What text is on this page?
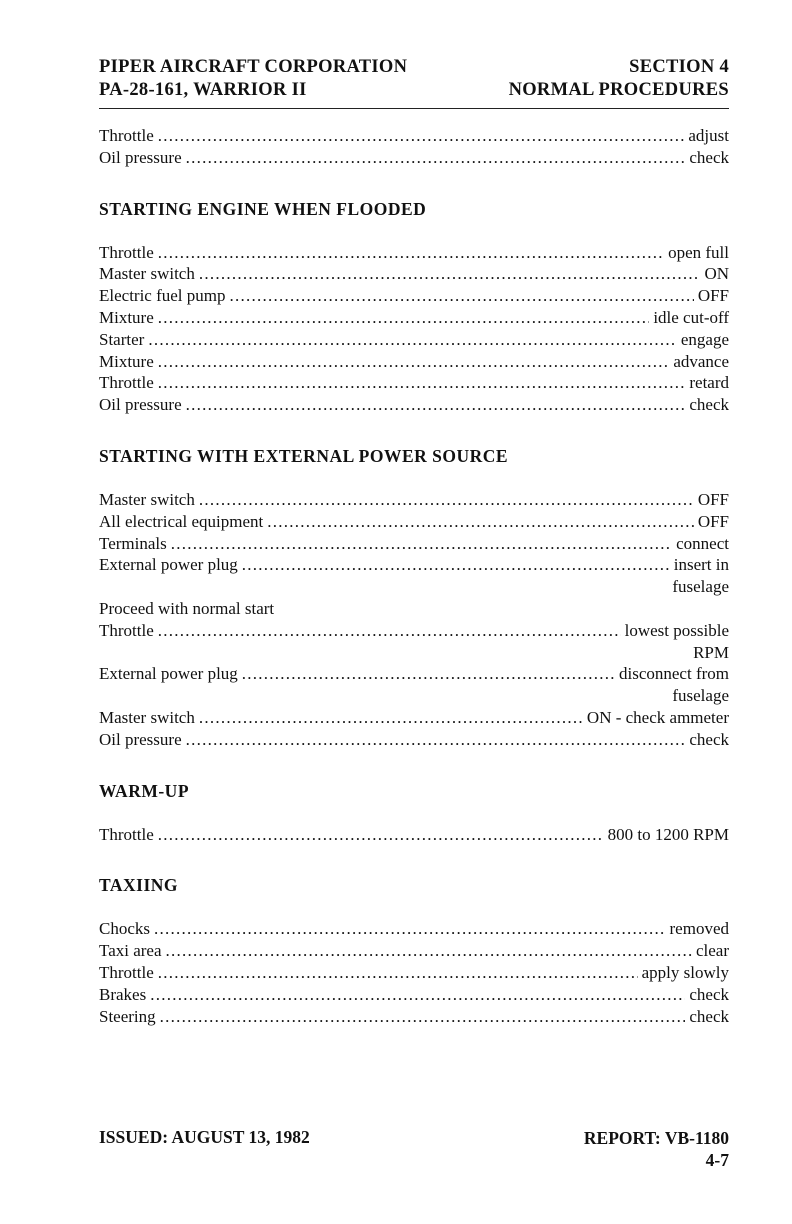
PIPER AIRCRAFT CORPORATION
PA-28-161, WARRIOR II
SECTION 4
NORMAL PROCEDURES
Throttle . . .	adjust
Oil pressure . . .	check
STARTING ENGINE WHEN FLOODED
Throttle . . .	open full
Master switch . . .	ON
Electric fuel pump . . .	OFF
Mixture . . .	idle cut-off
Starter . . .	engage
Mixture . . .	advance
Throttle . . .	retard
Oil pressure . . .	check
STARTING WITH EXTERNAL POWER SOURCE
Master switch . . .	OFF
All electrical equipment . . .	OFF
Terminals . . .	connect
External power plug . . .	insert in
fuselage
Proceed with normal start
Throttle . . .	lowest possible
RPM
External power plug . . .	disconnect from
fuselage
Master switch . . .	ON - check ammeter
Oil pressure . . .	check
WARM-UP
Throttle . . .	800 to 1200 RPM
TAXIING
Chocks . . .	removed
Taxi area . . .	clear
Throttle . . .	apply slowly
Brakes . . .	check
Steering . . .	check
ISSUED: AUGUST 13, 1982	REPORT: VB-1180
4-7
